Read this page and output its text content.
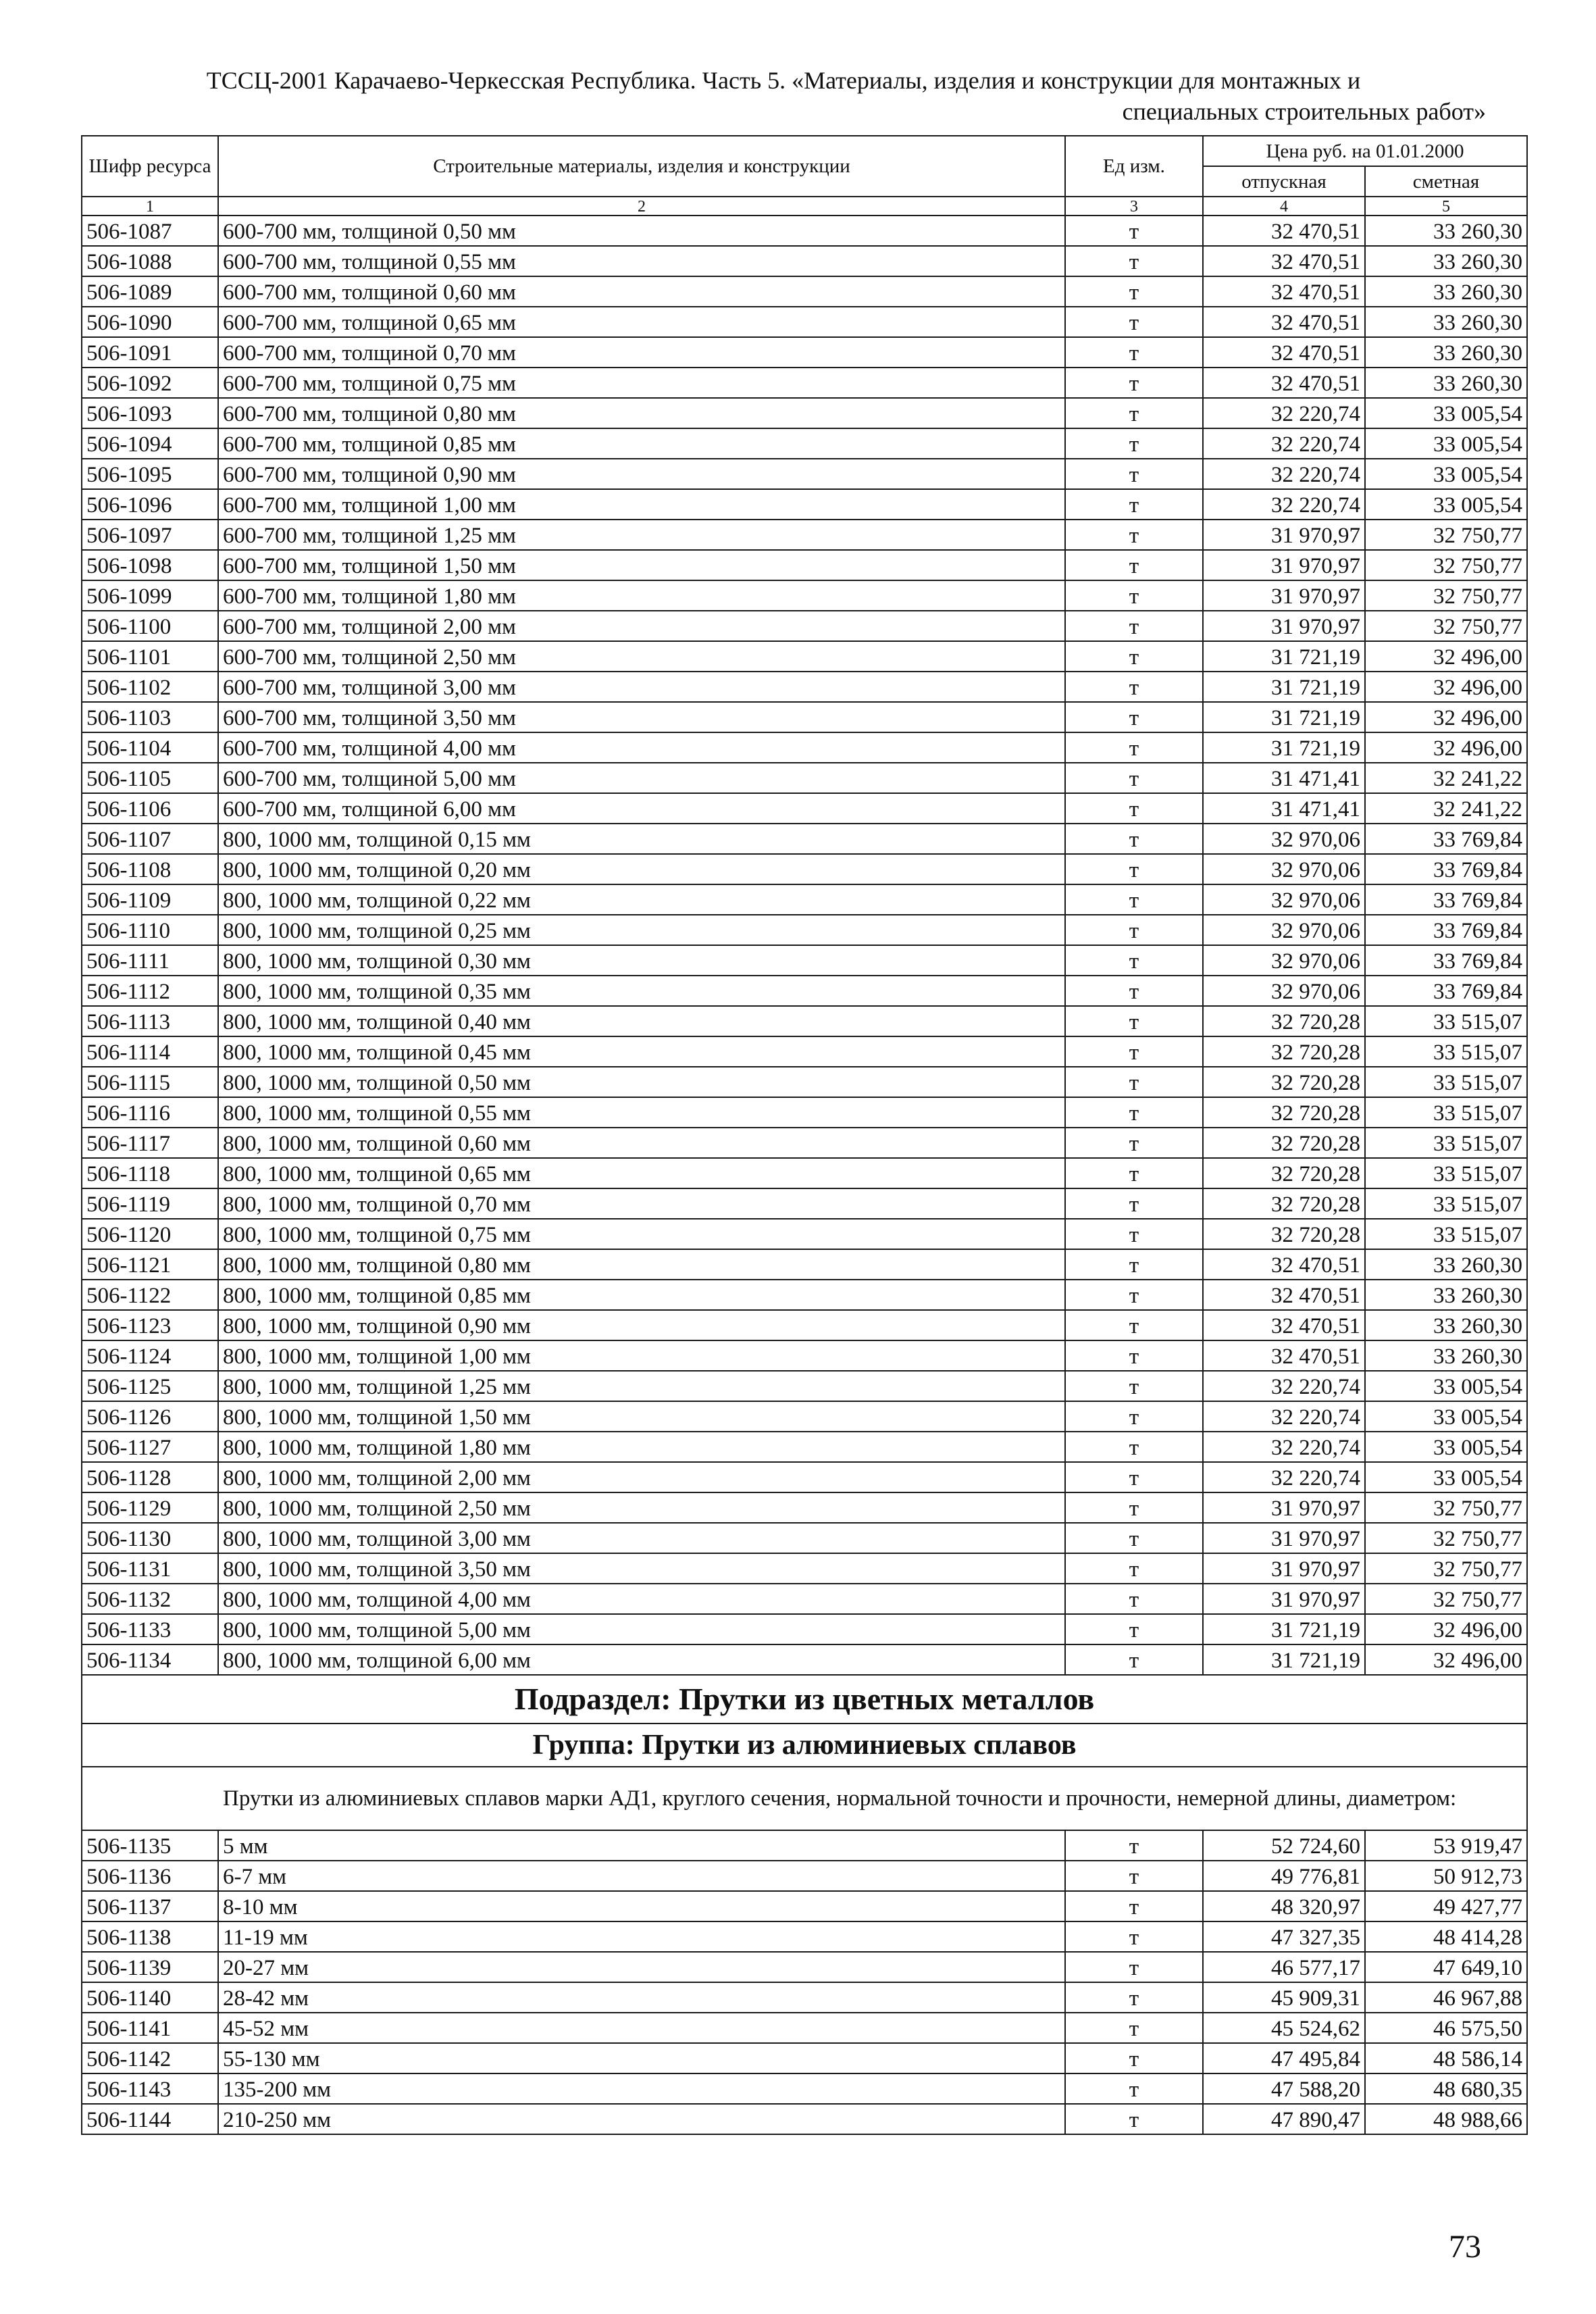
ТССЦ-2001 Карачаево-Черкесская Республика. Часть 5. «Материалы, изделия и конструкции для монтажных и
специальных строительных работ»
Шифр ресурса	Строительные материалы, изделия и конструкции	Ед изм.	Цена руб. на 01.01.2000	
			отпускная	сметная
1	2	3	4	5
506-1087	600-700 мм, толщиной 0,50 мм	т	32 470,51	33 260,30
506-1088	600-700 мм, толщиной 0,55 мм	т	32 470,51	33 260,30
506-1089	600-700 мм, толщиной 0,60 мм	т	32 470,51	33 260,30
506-1090	600-700 мм, толщиной 0,65 мм	т	32 470,51	33 260,30
506-1091	600-700 мм, толщиной 0,70 мм	т	32 470,51	33 260,30
506-1092	600-700 мм, толщиной 0,75 мм	т	32 470,51	33 260,30
506-1093	600-700 мм, толщиной 0,80 мм	т	32 220,74	33 005,54
506-1094	600-700 мм, толщиной 0,85 мм	т	32 220,74	33 005,54
506-1095	600-700 мм, толщиной 0,90 мм	т	32 220,74	33 005,54
506-1096	600-700 мм, толщиной 1,00 мм	т	32 220,74	33 005,54
506-1097	600-700 мм, толщиной 1,25 мм	т	31 970,97	32 750,77
506-1098	600-700 мм, толщиной 1,50 мм	т	31 970,97	32 750,77
506-1099	600-700 мм, толщиной 1,80 мм	т	31 970,97	32 750,77
506-1100	600-700 мм, толщиной 2,00 мм	т	31 970,97	32 750,77
506-1101	600-700 мм, толщиной 2,50 мм	т	31 721,19	32 496,00
506-1102	600-700 мм, толщиной 3,00 мм	т	31 721,19	32 496,00
506-1103	600-700 мм, толщиной 3,50 мм	т	31 721,19	32 496,00
506-1104	600-700 мм, толщиной 4,00 мм	т	31 721,19	32 496,00
506-1105	600-700 мм, толщиной 5,00 мм	т	31 471,41	32 241,22
506-1106	600-700 мм, толщиной 6,00 мм	т	31 471,41	32 241,22
506-1107	800, 1000 мм, толщиной 0,15 мм	т	32 970,06	33 769,84
506-1108	800, 1000 мм, толщиной 0,20 мм	т	32 970,06	33 769,84
506-1109	800, 1000 мм, толщиной 0,22 мм	т	32 970,06	33 769,84
506-1110	800, 1000 мм, толщиной 0,25 мм	т	32 970,06	33 769,84
506-1111	800, 1000 мм, толщиной 0,30 мм	т	32 970,06	33 769,84
506-1112	800, 1000 мм, толщиной 0,35 мм	т	32 970,06	33 769,84
506-1113	800, 1000 мм, толщиной 0,40 мм	т	32 720,28	33 515,07
506-1114	800, 1000 мм, толщиной 0,45 мм	т	32 720,28	33 515,07
506-1115	800, 1000 мм, толщиной 0,50 мм	т	32 720,28	33 515,07
506-1116	800, 1000 мм, толщиной 0,55 мм	т	32 720,28	33 515,07
506-1117	800, 1000 мм, толщиной 0,60 мм	т	32 720,28	33 515,07
506-1118	800, 1000 мм, толщиной 0,65 мм	т	32 720,28	33 515,07
506-1119	800, 1000 мм, толщиной 0,70 мм	т	32 720,28	33 515,07
506-1120	800, 1000 мм, толщиной 0,75 мм	т	32 720,28	33 515,07
506-1121	800, 1000 мм, толщиной 0,80 мм	т	32 470,51	33 260,30
506-1122	800, 1000 мм, толщиной 0,85 мм	т	32 470,51	33 260,30
506-1123	800, 1000 мм, толщиной 0,90 мм	т	32 470,51	33 260,30
506-1124	800, 1000 мм, толщиной 1,00 мм	т	32 470,51	33 260,30
506-1125	800, 1000 мм, толщиной 1,25 мм	т	32 220,74	33 005,54
506-1126	800, 1000 мм, толщиной 1,50 мм	т	32 220,74	33 005,54
506-1127	800, 1000 мм, толщиной 1,80 мм	т	32 220,74	33 005,54
506-1128	800, 1000 мм, толщиной 2,00 мм	т	32 220,74	33 005,54
506-1129	800, 1000 мм, толщиной 2,50 мм	т	31 970,97	32 750,77
506-1130	800, 1000 мм, толщиной 3,00 мм	т	31 970,97	32 750,77
506-1131	800, 1000 мм, толщиной 3,50 мм	т	31 970,97	32 750,77
506-1132	800, 1000 мм, толщиной 4,00 мм	т	31 970,97	32 750,77
506-1133	800, 1000 мм, толщиной 5,00 мм	т	31 721,19	32 496,00
506-1134	800, 1000 мм, толщиной 6,00 мм	т	31 721,19	32 496,00
Подраздел: Прутки из цветных металлов				
Группа: Прутки из алюминиевых сплавов				
Прутки из алюминиевых сплавов марки АД1, круглого сечения, нормальной точности и прочности, немерной длины, диаметром:				
506-1135	5 мм	т	52 724,60	53 919,47
506-1136	6-7 мм	т	49 776,81	50 912,73
506-1137	8-10 мм	т	48 320,97	49 427,77
506-1138	11-19 мм	т	47 327,35	48 414,28
506-1139	20-27 мм	т	46 577,17	47 649,10
506-1140	28-42 мм	т	45 909,31	46 967,88
506-1141	45-52 мм	т	45 524,62	46 575,50
506-1142	55-130 мм	т	47 495,84	48 586,14
506-1143	135-200 мм	т	47 588,20	48 680,35
506-1144	210-250 мм	т	47 890,47	48 988,66
73
